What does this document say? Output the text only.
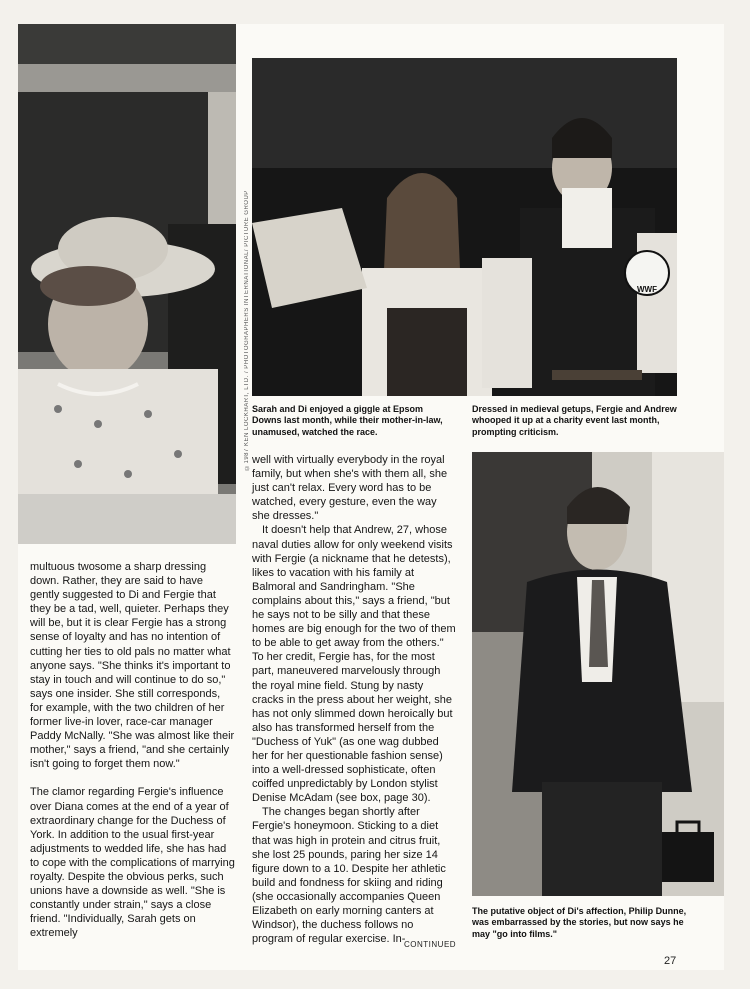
WWF
©1987 KEN LOCKHART, LTD. / PHOTOGRAPHERS INTERNATIONAL/ PICTURE GROUP Sarah and Di enjoyed a giggle at Epsom Downs last month, while their mother-in-law, unamused, watched the race.
Dressed in medieval getups, Fergie and Andrew whooped it up at a charity event last month, prompting criticism.
The putative object of Di's affection, Philip Dunne, was embarrassed by the stories, but now says he may "go into films."

multuous twosome a sharp dressing down. Rather, they are said to have gently suggested to Di and Fergie that they be a tad, well, quieter. Perhaps they will be, but it is clear Fergie has a strong sense of loyalty and has no intention of cutting her ties to old pals no matter what anyone says. "She thinks it's important to stay in touch and will continue to do so," says one insider. She still corresponds, for example, with the two children of her former live-in lover, race-car manager Paddy McNally. "She was almost like their mother," says a friend, "and she certainly isn't going to forget them now."

The clamor regarding Fergie's influence over Diana comes at the end of a year of extraordinary change for the Duchess of York. In addition to the usual first-year adjustments to wedded life, she has had to cope with the complications of marrying royalty. Despite the obvious perks, such unions have a downside as well. "She is constantly under strain," says a close friend. "Individually, Sarah gets on extremely

well with virtually everybody in the royal family, but when she's with them all, she just can't relax. Every word has to be watched, every gesture, even the way she dresses."

It doesn't help that Andrew, 27, whose naval duties allow for only weekend visits with Fergie (a nickname that he detests), likes to vacation with his family at Balmoral and Sandringham. "She complains about this," says a friend, "but he says not to be silly and that these homes are big enough for the two of them to be able to get away from the others." To her credit, Fergie has, for the most part, maneuvered marvelously through the royal mine field. Stung by nasty cracks in the press about her weight, she has not only slimmed down heroically but also has transformed herself from the "Duchess of Yuk" (as one wag dubbed her for her questionable fashion sense) into a well-dressed sophisticate, often coiffed unpredictably by London stylist Denise McAdam (see box, page 30).

The changes began shortly after Fergie's honeymoon. Sticking to a diet that was high in protein and citrus fruit, she lost 25 pounds, paring her size 14 figure down to a 10. Despite her athletic build and fondness for skiing and riding (she occasionally accompanies Queen Elizabeth on early morning canters at Windsor), the duchess follows no program of regular exercise. In-

CONTINUED
27
